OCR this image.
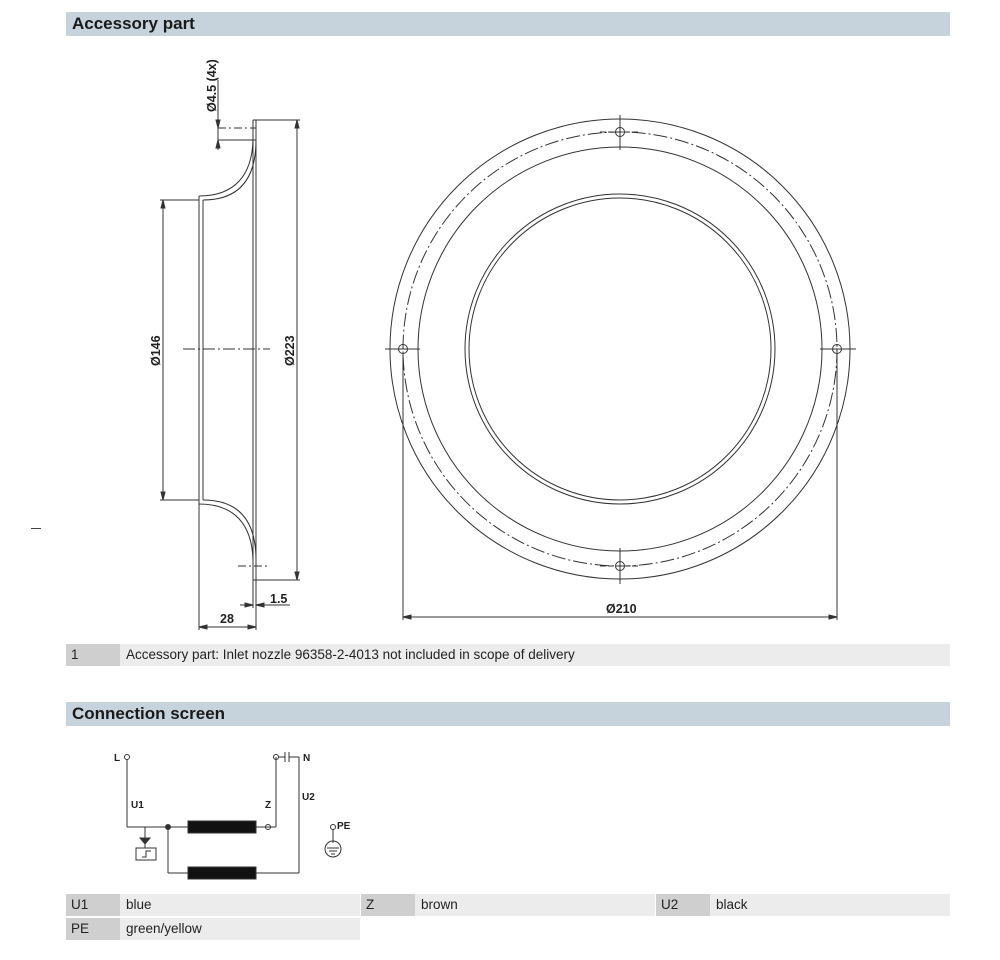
Accessory part
Ø4.5 (4x)
Ø146	Ø223
28
1.5
Ø210
L	N
U1	Z
U2
PE
1	Accessory part: Inlet nozzle 96358-2-4013 not included in scope of delivery
Connection screen
U1	blue	Z	brown	U2	black
PE	green/yellow
